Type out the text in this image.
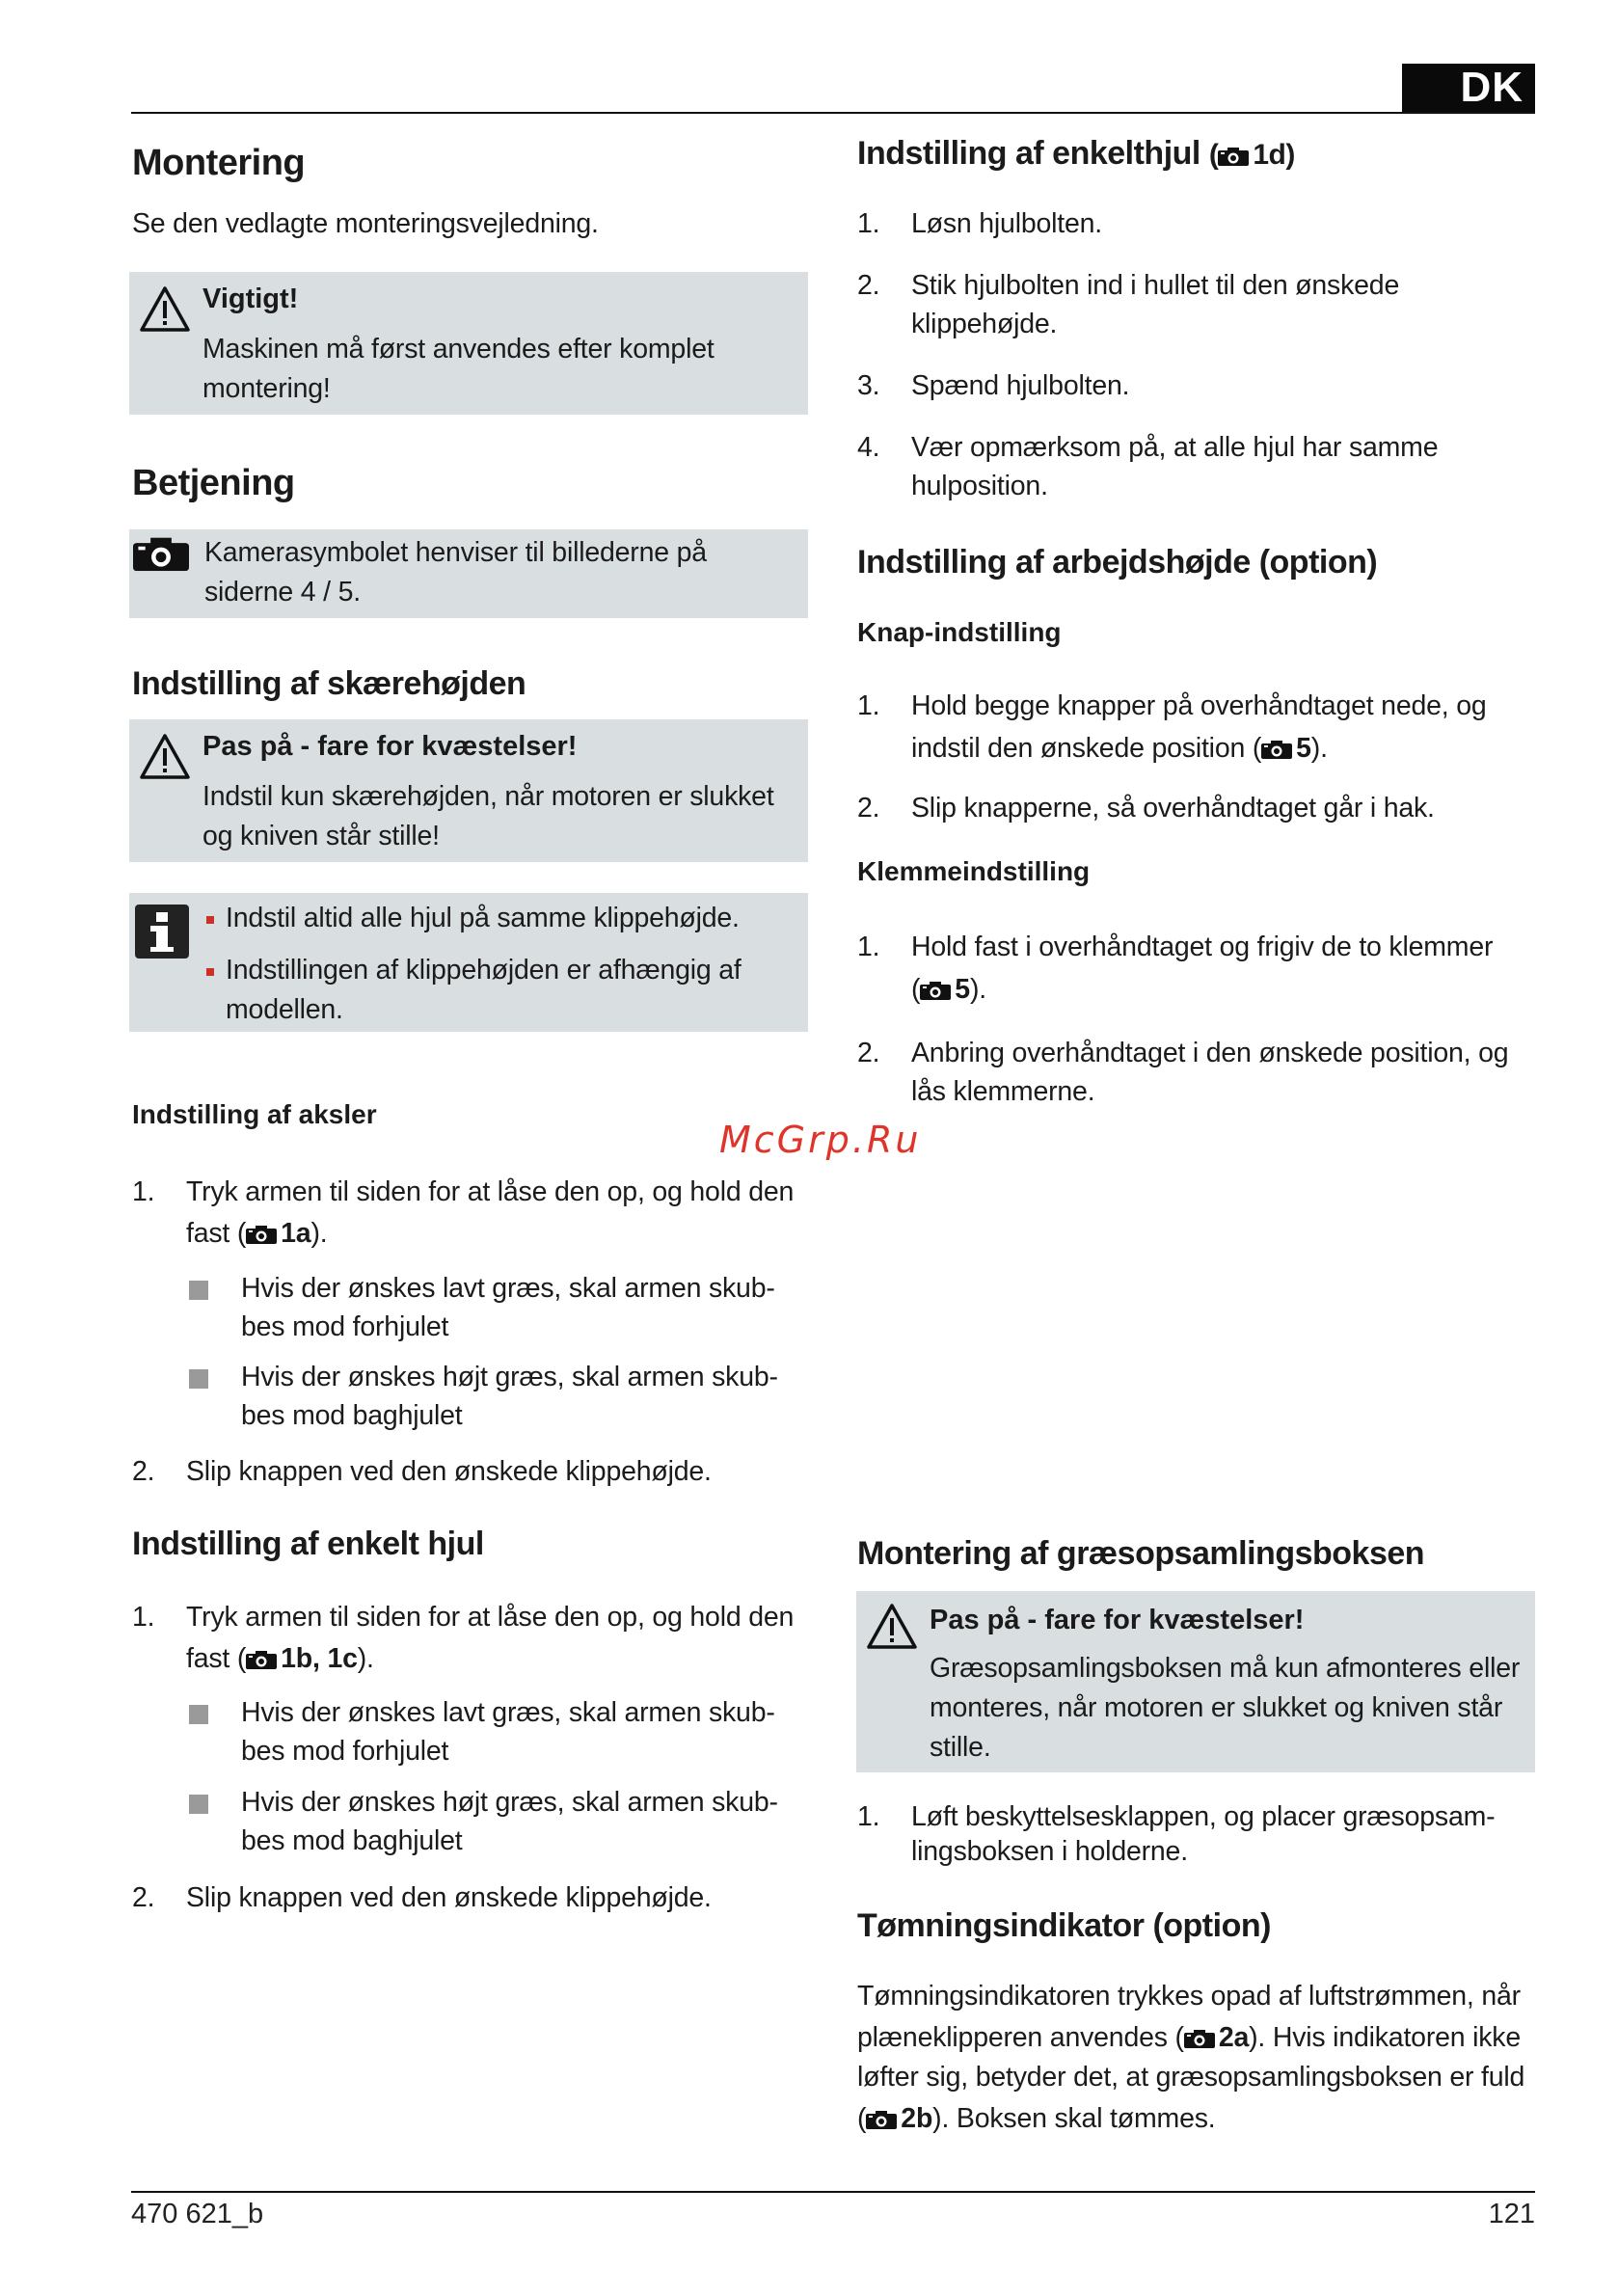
DK
Montering
Se den vedlagte monteringsvejledning.
Vigtigt!
Maskinen må først anvendes efter komplet
montering!
Betjening
Kamerasymbolet henviser til billederne på
siderne 4 / 5.
Indstilling af skærehøjden
Pas på - fare for kvæstelser!
Indstil kun skærehøjden, når motoren er slukket
og kniven står stille!
Indstil altid alle hjul på samme klippehøjde.
Indstillingen af klippehøjden er afhængig af
modellen.
Indstilling af aksler
1. Tryk armen til siden for at låse den op, og hold den
fast ( 1a).
Hvis der ønskes lavt græs, skal armen skub-
bes mod forhjulet
Hvis der ønskes højt græs, skal armen skub-
bes mod baghjulet
2. Slip knappen ved den ønskede klippehøjde.
Indstilling af enkelt hjul
1. Tryk armen til siden for at låse den op, og hold den
fast ( 1b, 1c).
Hvis der ønskes lavt græs, skal armen skub-
bes mod forhjulet
Hvis der ønskes højt græs, skal armen skub-
bes mod baghjulet
2. Slip knappen ved den ønskede klippehøjde.
Indstilling af enkelthjul ( 1d)
1. Løsn hjulbolten.
2. Stik hjulbolten ind i hullet til den ønskede
klippehøjde.
3. Spænd hjulbolten.
4. Vær opmærksom på, at alle hjul har samme
hulposition.
Indstilling af arbejdshøjde (option)
Knap-indstilling
1. Hold begge knapper på overhåndtaget nede, og
indstil den ønskede position ( 5).
2. Slip knapperne, så overhåndtaget går i hak.
Klemmeindstilling
1. Hold fast i overhåndtaget og frigiv de to klemmer
( 5).
2. Anbring overhåndtaget i den ønskede position, og
lås klemmerne.
Montering af græsopsamlingsboksen
Pas på - fare for kvæstelser!
Græsopsamlingsboksen må kun afmonteres eller
monteres, når motoren er slukket og kniven står
stille.
1. Løft beskyttelsesklappen, og placer græsopsam-
lingsboksen i holderne.
Tømningsindikator (option)
Tømningsindikatoren trykkes opad af luftstrømmen, når
plæneklipperen anvendes ( 2a). Hvis indikatoren ikke
løfter sig, betyder det, at græsopsamlingsboksen er fuld
( 2b). Boksen skal tømmes.
McGrp.Ru
470 621_b	121
